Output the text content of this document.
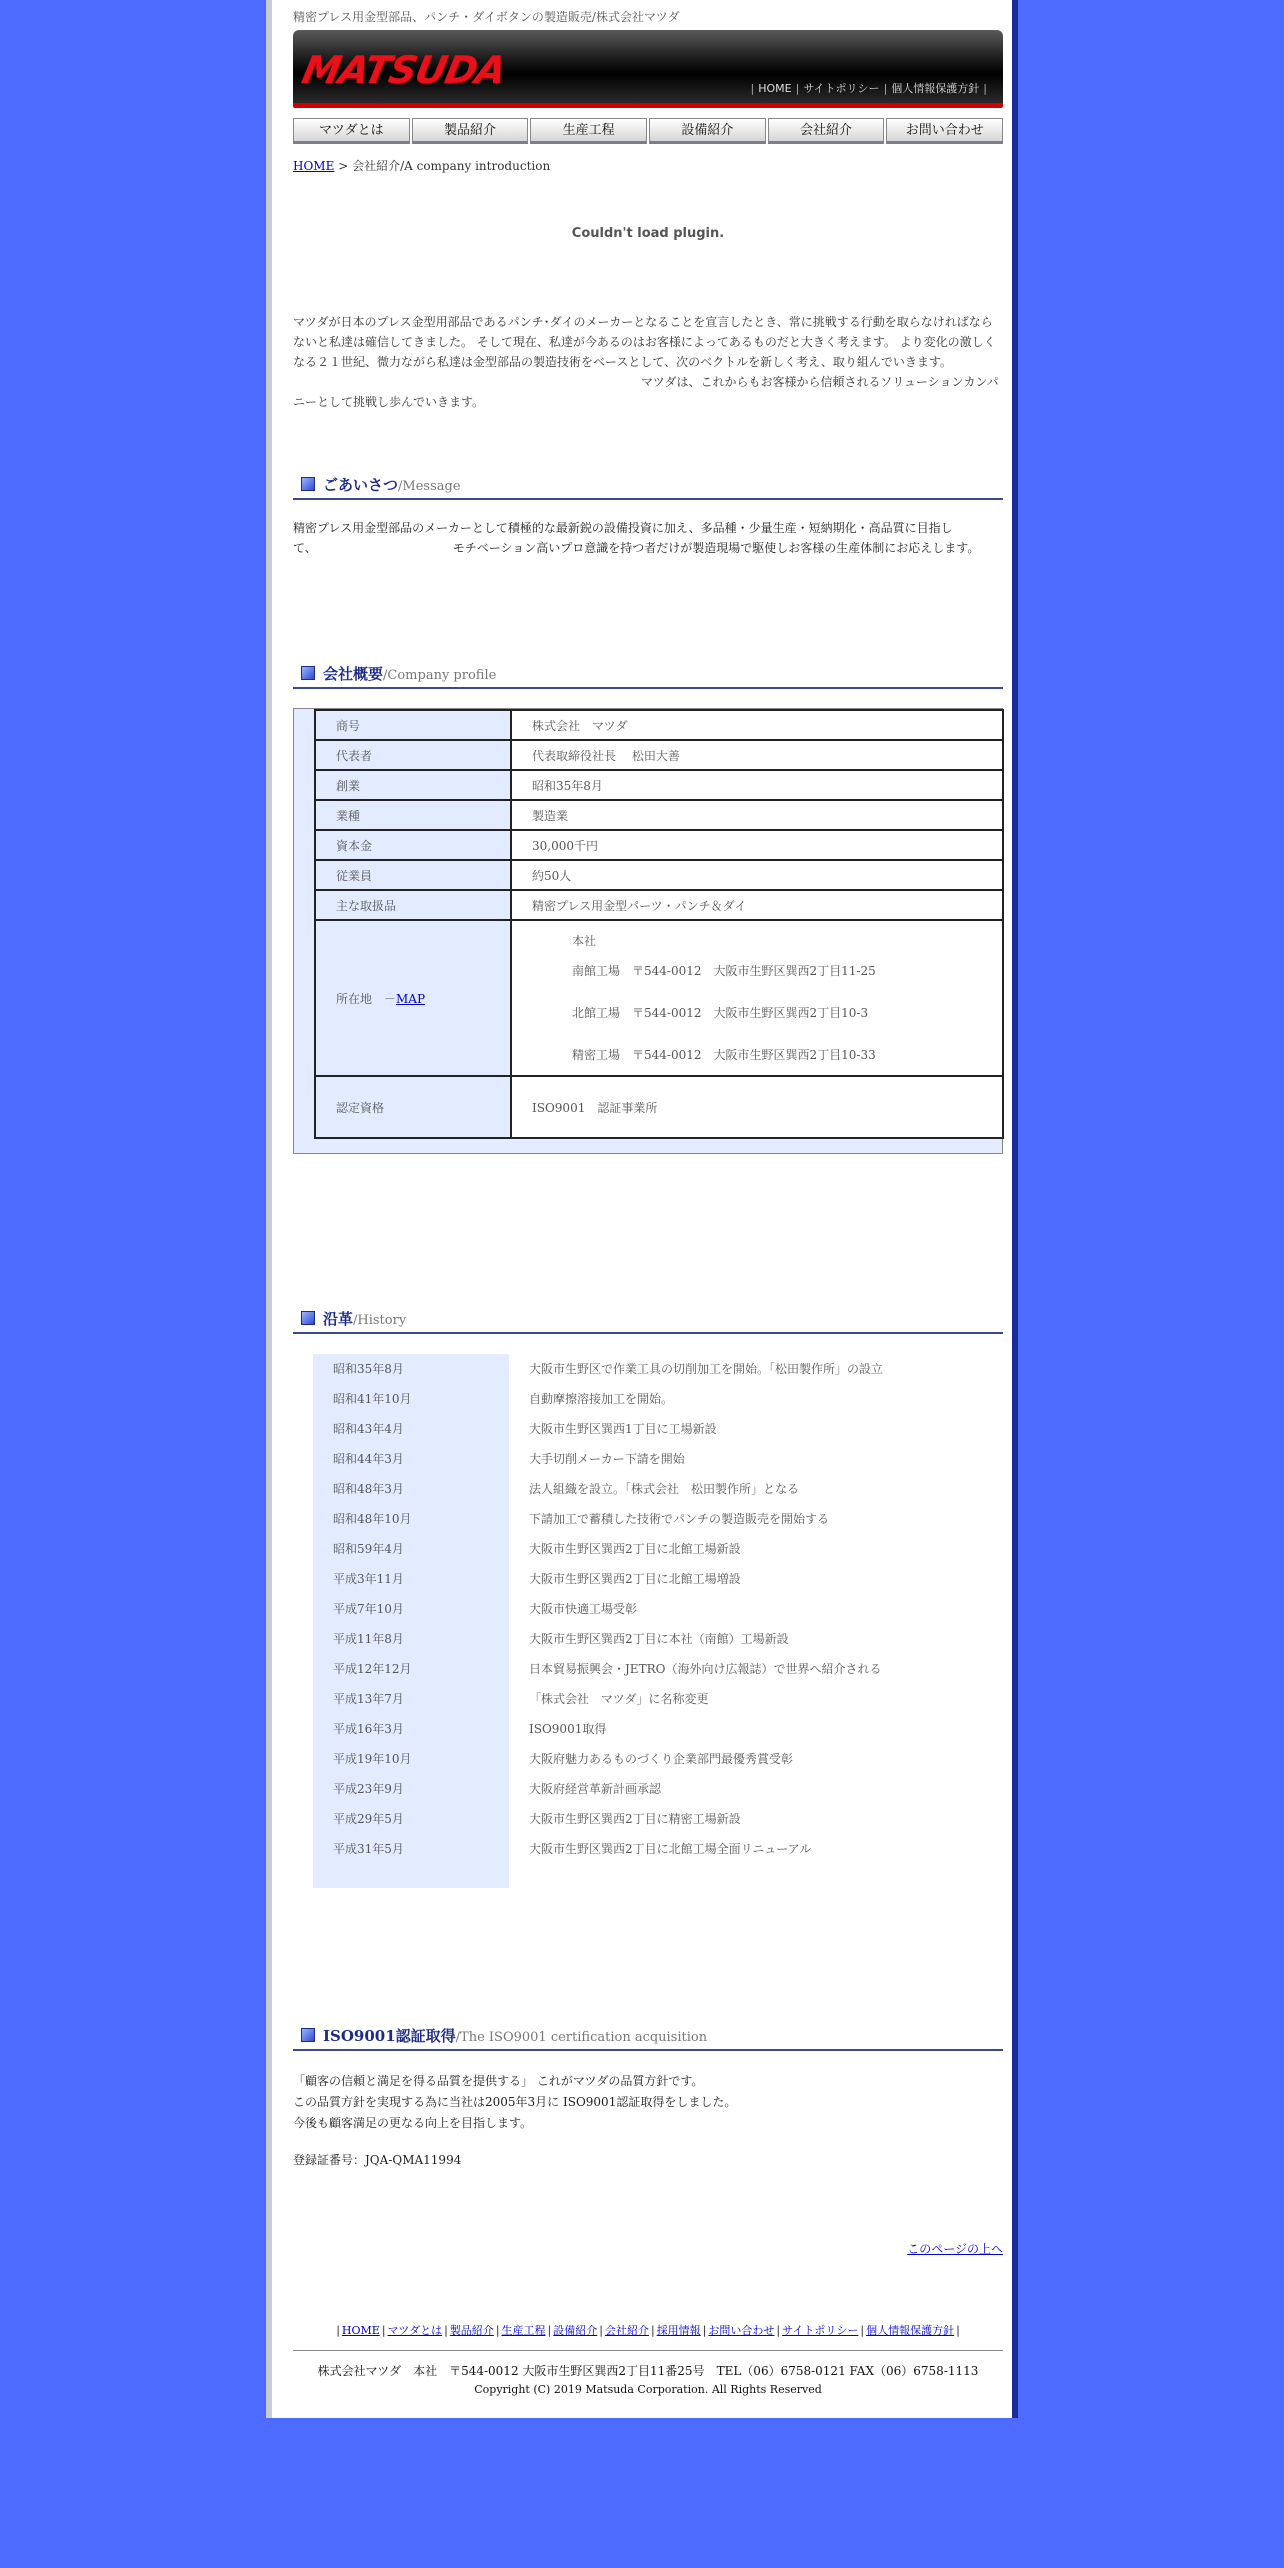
精密プレス用金型部品、パンチ・ダイボタンの製造販売/株式会社マツダ
MATSUDA	| HOME | サイトポリシー | 個人情報保護方針 |
マツダとは	製品紹介	生産工程	設備紹介	会社紹介	お問い合わせ
HOME > 会社紹介/A company introduction
Couldn't load plugin.
マツダが日本のプレス金型用部品であるパンチ･ダイのメーカーとなることを宣言したとき、常に挑戦する行動を取らなければなら
ないと私達は確信してきました。 そして現在、私達が今あるのはお客様によってあるものだと大きく考えます。 より変化の激しく
なる２１世紀、微力ながら私達は金型部品の製造技術をベースとして、次のベクトルを新しく考え、取り組んでいきます。
マツダは、これからもお客様から信頼されるソリューションカンパ
ニーとして挑戦し歩んでいきます。
ごあいさつ/Message
精密プレス用金型部品のメーカーとして積極的な最新鋭の設備投資に加え、多品種・少量生産・短納期化・高品質に目指し
て、	モチベーション高いプロ意識を持つ者だけが製造現場で駆使しお客様の生産体制にお応えします。
会社概要/Company profile
商号	株式会社　マツダ
代表者	代表取締役社長　 松田大善
創業	昭和35年8月
業種	製造業
資本金	30,000千円
従業員	約50人
主な取扱品	精密プレス用金型パーツ・パンチ＆ダイ
所在地　－MAP	本社
南館工場　〒544-0012　大阪市生野区巽西2丁目11-25
北館工場　〒544-0012　大阪市生野区巽西2丁目10-3
精密工場　〒544-0012　大阪市生野区巽西2丁目10-33

認定資格	ISO9001　認証事業所
沿革/History
昭和35年8月	大阪市生野区で作業工具の切削加工を開始。「松田製作所」の設立
昭和41年10月	自動摩擦溶接加工を開始。
昭和43年4月	大阪市生野区巽西1丁目に工場新設
昭和44年3月	大手切削メーカー下請を開始
昭和48年3月	法人組織を設立。「株式会社　松田製作所」となる
昭和48年10月	下請加工で蓄積した技術でパンチの製造販売を開始する
昭和59年4月	大阪市生野区巽西2丁目に北館工場新設
平成3年11月	大阪市生野区巽西2丁目に北館工場増設
平成7年10月	大阪市快適工場受彰
平成11年8月	大阪市生野区巽西2丁目に本社（南館）工場新設
平成12年12月	日本貿易振興会・JETRO（海外向け広報誌）で世界へ紹介される
平成13年7月	「株式会社　マツダ」に名称変更
平成16年3月	ISO9001取得
平成19年10月	大阪府魅力あるものづくり企業部門最優秀賞受彰
平成23年9月	大阪府経営革新計画承認
平成29年5月	大阪市生野区巽西2丁目に精密工場新設
平成31年5月	大阪市生野区巽西2丁目に北館工場全面リニューアル
ISO9001認証取得/The ISO9001 certification acquisition
「顧客の信頼と満足を得る品質を提供する」 これがマツダの品質方針です。
この品質方針を実現する為に当社は2005年3月に ISO9001認証取得をしました。
今後も顧客満足の更なる向上を目指します。
登録証番号：JQA-QMA11994
このページの上へ
| HOME | マツダとは | 製品紹介 | 生産工程 | 設備紹介 | 会社紹介 | 採用情報 | お問い合わせ | サイトポリシー | 個人情報保護方針 |
株式会社マツダ　本社　〒544-0012 大阪市生野区巽西2丁目11番25号　TEL（06）6758-0121 FAX（06）6758-1113
Copyright (C) 2019 Matsuda Corporation. All Rights Reserved
